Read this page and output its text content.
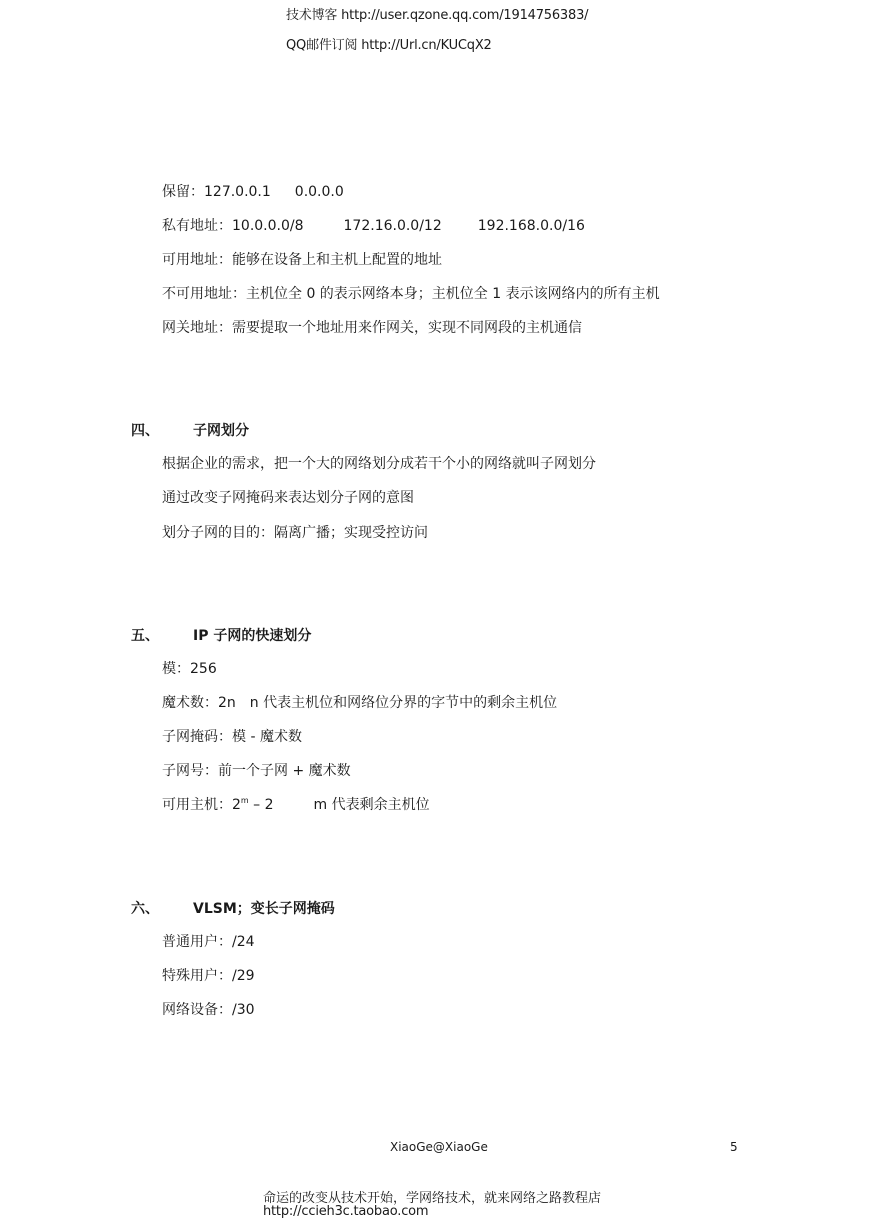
技术博客 http://user.qzone.qq.com/1914756383/
QQ邮件订阅 http://Url.cn/KUCqX2
保留：127.0.0.1 0.0.0.0
私有地址：10.0.0.0/8	172.16.0.0/12	192.168.0.0/16
可用地址：能够在设备上和主机上配置的地址
不可用地址：主机位全 0 的表示网络本身；主机位全 1 表示该网络内的所有主机
网关地址：需要提取一个地址用来作网关，实现不同网段的主机通信
四、 子网划分
根据企业的需求，把一个大的网络划分成若干个小的网络就叫子网划分
通过改变子网掩码来表达划分子网的意图
划分子网的目的：隔离广播；实现受控访问
五、 IP 子网的快速划分
模：256
魔术数：2n n 代表主机位和网络位分界的字节中的剩余主机位
子网掩码：模 - 魔术数
子网号：前一个子网 + 魔术数
可用主机：2$^m$ – 2	m 代表剩余主机位
六、 VLSM；变长子网掩码
普通用户：/24
特殊用户：/29
网络设备：/30
XiaoGe@XiaoGe	5
命运的改变从技术开始，学网络技术，就来网络之路教程店
http://ccieh3c.taobao.com
